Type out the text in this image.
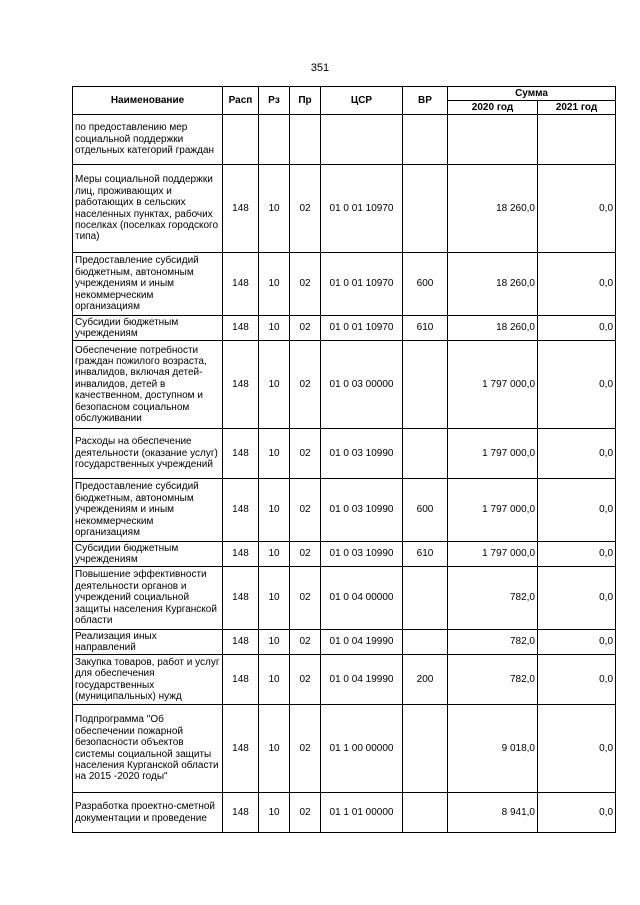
351
Наименование	Расп	Рз	Пр	ЦСР	ВР	Сумма	
						2020 год	2021 год
по предоставлению мер социальной поддержки отдельных категорий граждан							
Меры социальной поддержки лиц, проживающих и работающих в сельских населенных пунктах, рабочих поселках (поселках городского типа)	148	10	02	01 0 01 10970		18 260,0	0,0
Предоставление субсидий бюджетным, автономным учреждениям и иным некоммерческим организациям	148	10	02	01 0 01 10970	600	18 260,0	0,0
Субсидии бюджетным учреждениям	148	10	02	01 0 01 10970	610	18 260,0	0,0
Обеспечение потребности граждан пожилого возраста, инвалидов, включая детей-инвалидов, детей в качественном, доступном и безопасном социальном обслуживании	148	10	02	01 0 03 00000		1 797 000,0	0,0
Расходы на обеспечение деятельности (оказание услуг) государственных учреждений	148	10	02	01 0 03 10990		1 797 000,0	0,0
Предоставление субсидий бюджетным, автономным учреждениям и иным некоммерческим организациям	148	10	02	01 0 03 10990	600	1 797 000,0	0,0
Субсидии бюджетным учреждениям	148	10	02	01 0 03 10990	610	1 797 000,0	0,0
Повышение эффективности деятельности органов и учреждений социальной защиты населения Курганской области	148	10	02	01 0 04 00000		782,0	0,0
Реализация иных направлений	148	10	02	01 0 04 19990		782,0	0,0
Закупка товаров, работ и услуг для обеспечения государственных (муниципальных) нужд	148	10	02	01 0 04 19990	200	782,0	0,0
Подпрограмма "Об обеспечении пожарной безопасности объектов системы социальной защиты населения Курганской области на 2015 -2020 годы"	148	10	02	01 1 00 00000		9 018,0	0,0
Разработка проектно-сметной документации и проведение	148	10	02	01 1 01 00000		8 941,0	0,0
